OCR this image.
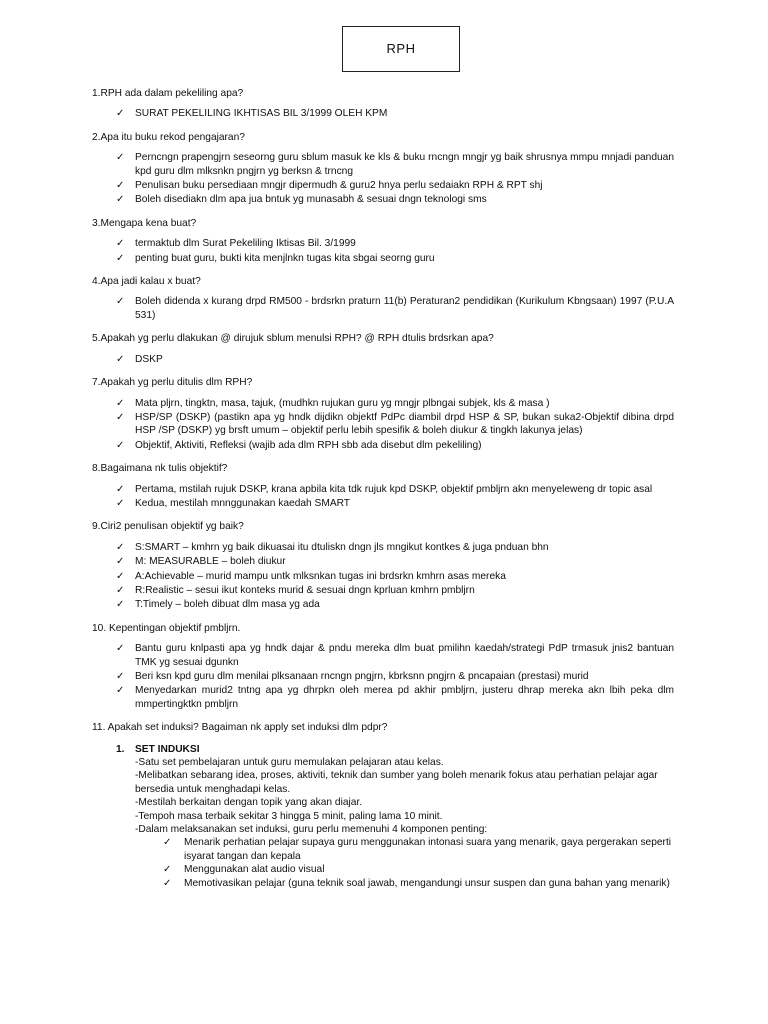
RPH

1.RPH ada dalam pekeliling apa?

✓ SURAT PEKELILING IKHTISAS BIL 3/1999 OLEH KPM

2.Apa itu buku rekod pengajaran?

✓ Perncngn prapengjrn seseorng guru sblum masuk ke kls & buku rncngn mngjr yg baik shrusnya mmpu mnjadi panduan kpd guru dlm mlksnkn pngjrn yg berksn & trncng
✓ Penulisan buku persediaan mngjr dipermudh & guru2 hnya perlu sedaiakn RPH & RPT shj
✓ Boleh disediakn dlm apa jua bntuk yg munasabh & sesuai dngn teknologi sms

3.Mengapa kena buat?

✓ termaktub dlm Surat Pekeliling Iktisas Bil. 3/1999
✓ penting buat guru, bukti kita menjlnkn tugas kita sbgai seorng guru

4.Apa jadi kalau x buat?

✓ Boleh didenda x kurang drpd RM500 - brdsrkn praturn 11(b) Peraturan2 pendidikan (Kurikulum Kbngsaan) 1997 (P.U.A 531)

5.Apakah yg perlu dlakukan @ dirujuk sblum menulsi RPH? @ RPH dtulis brdsrkan apa?

✓ DSKP

7.Apakah yg perlu ditulis dlm RPH?

✓ Mata pljrn, tingktn, masa, tajuk, (mudhkn rujukan guru yg mngjr plbngai subjek, kls & masa )
✓ HSP/SP (DSKP) (pastikn apa yg hndk dijdikn objektf PdPc diambil drpd HSP & SP, bukan suka2-Objektif dibina drpd HSP /SP (DSKP) yg brsft umum – objektif perlu lebih spesifik & boleh diukur & tingkh lakunya jelas)
✓ Objektif, Aktiviti, Refleksi (wajib ada dlm RPH sbb ada disebut dlm pekeliling)

8.Bagaimana nk tulis objektif?

✓ Pertama, mstilah rujuk DSKP, krana apbila kita tdk rujuk kpd DSKP, objektif pmbljrn akn menyeleweng dr topic asal
✓ Kedua, mestilah mnnggunakan kaedah SMART

9.Ciri2 penulisan objektif yg baik?

✓ S:SMART – kmhrn yg baik dikuasai itu dtuliskn dngn jls mngikut kontkes & juga pnduan bhn
✓ M: MEASURABLE – boleh diukur
✓ A:Achievable – murid mampu untk mlksnkan tugas ini brdsrkn kmhrn asas mereka
✓ R:Realistic – sesui ikut konteks murid & sesuai dngn kprluan kmhrn pmbljrn
✓ T:Timely – boleh dibuat dlm masa yg ada

10. Kepentingan objektif pmbljrn.

✓ Bantu guru knlpasti apa yg hndk dajar & pndu mereka dlm buat pmilihn kaedah/strategi PdP trmasuk jnis2 bantuan TMK yg sesuai dgunkn
✓ Beri ksn kpd guru dlm menilai plksanaan rncngn pngjrn, kbrksnn pngjrn & pncapaian (prestasi) murid
✓ Menyedarkan murid2 tntng apa yg dhrpkn oleh merea pd akhir pmbljrn, justeru dhrap mereka akn lbih peka dlm mmpertingktkn pmbljrn

11. Apakah set induksi? Bagaiman nk apply set induksi dlm pdpr?

1. SET INDUKSI
-Satu set pembelajaran untuk guru memulakan pelajaran atau kelas.
-Melibatkan sebarang idea, proses, aktiviti, teknik dan sumber yang boleh menarik fokus atau perhatian pelajar agar bersedia untuk menghadapi kelas.
-Mestilah berkaitan dengan topik yang akan diajar.
-Tempoh masa terbaik sekitar 3 hingga 5 minit, paling lama 10 minit.
-Dalam melaksanakan set induksi, guru perlu memenuhi 4 komponen penting:
✓ Menarik perhatian pelajar supaya guru menggunakan intonasi suara yang menarik, gaya pergerakan seperti isyarat tangan dan kepala
✓ Menggunakan alat audio visual
✓ Memotivasikan pelajar (guna teknik soal jawab, mengandungi unsur suspen dan guna bahan yang menarik)
